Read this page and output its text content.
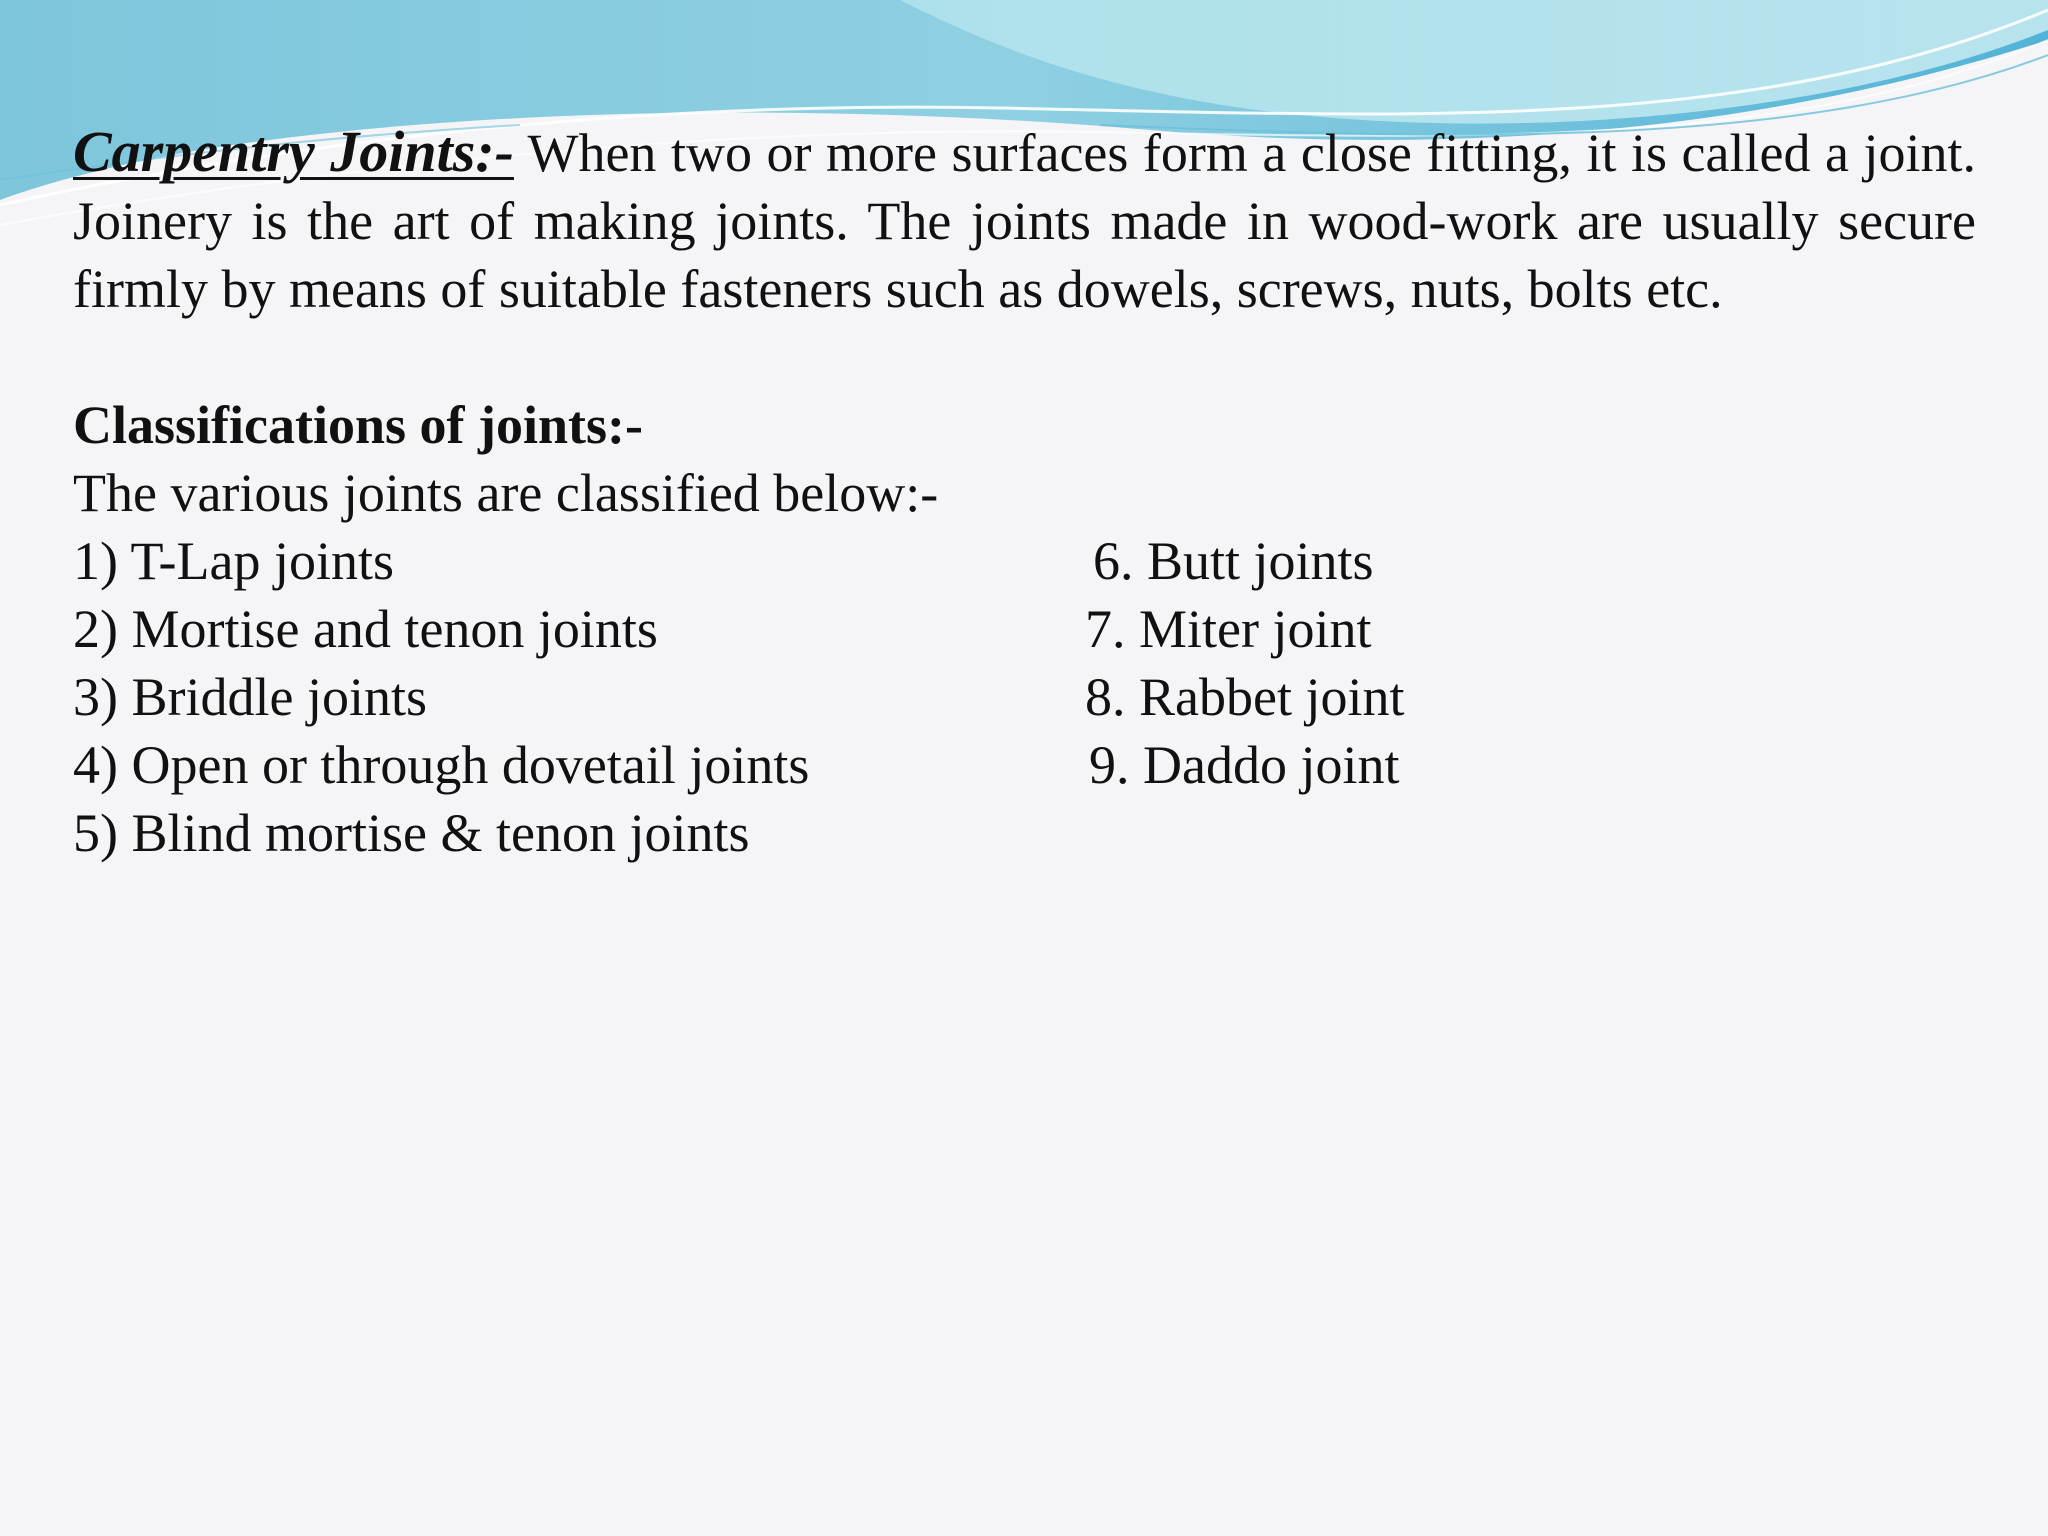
Carpentry Joints:- When two or more surfaces form a close fitting, it is called a joint. Joinery is the art of making joints. The joints made in wood-work are usually secure firmly by means of suitable fasteners such as dowels, screws, nuts, bolts etc.

Classifications of joints:-

The various joints are classified below:-

1) T-Lap joints
2) Mortise and tenon joints
3) Briddle joints
4) Open or through dovetail joints
5) Blind mortise & tenon joints
6. Butt joints
7. Miter joint
8. Rabbet joint
9. Daddo joint
